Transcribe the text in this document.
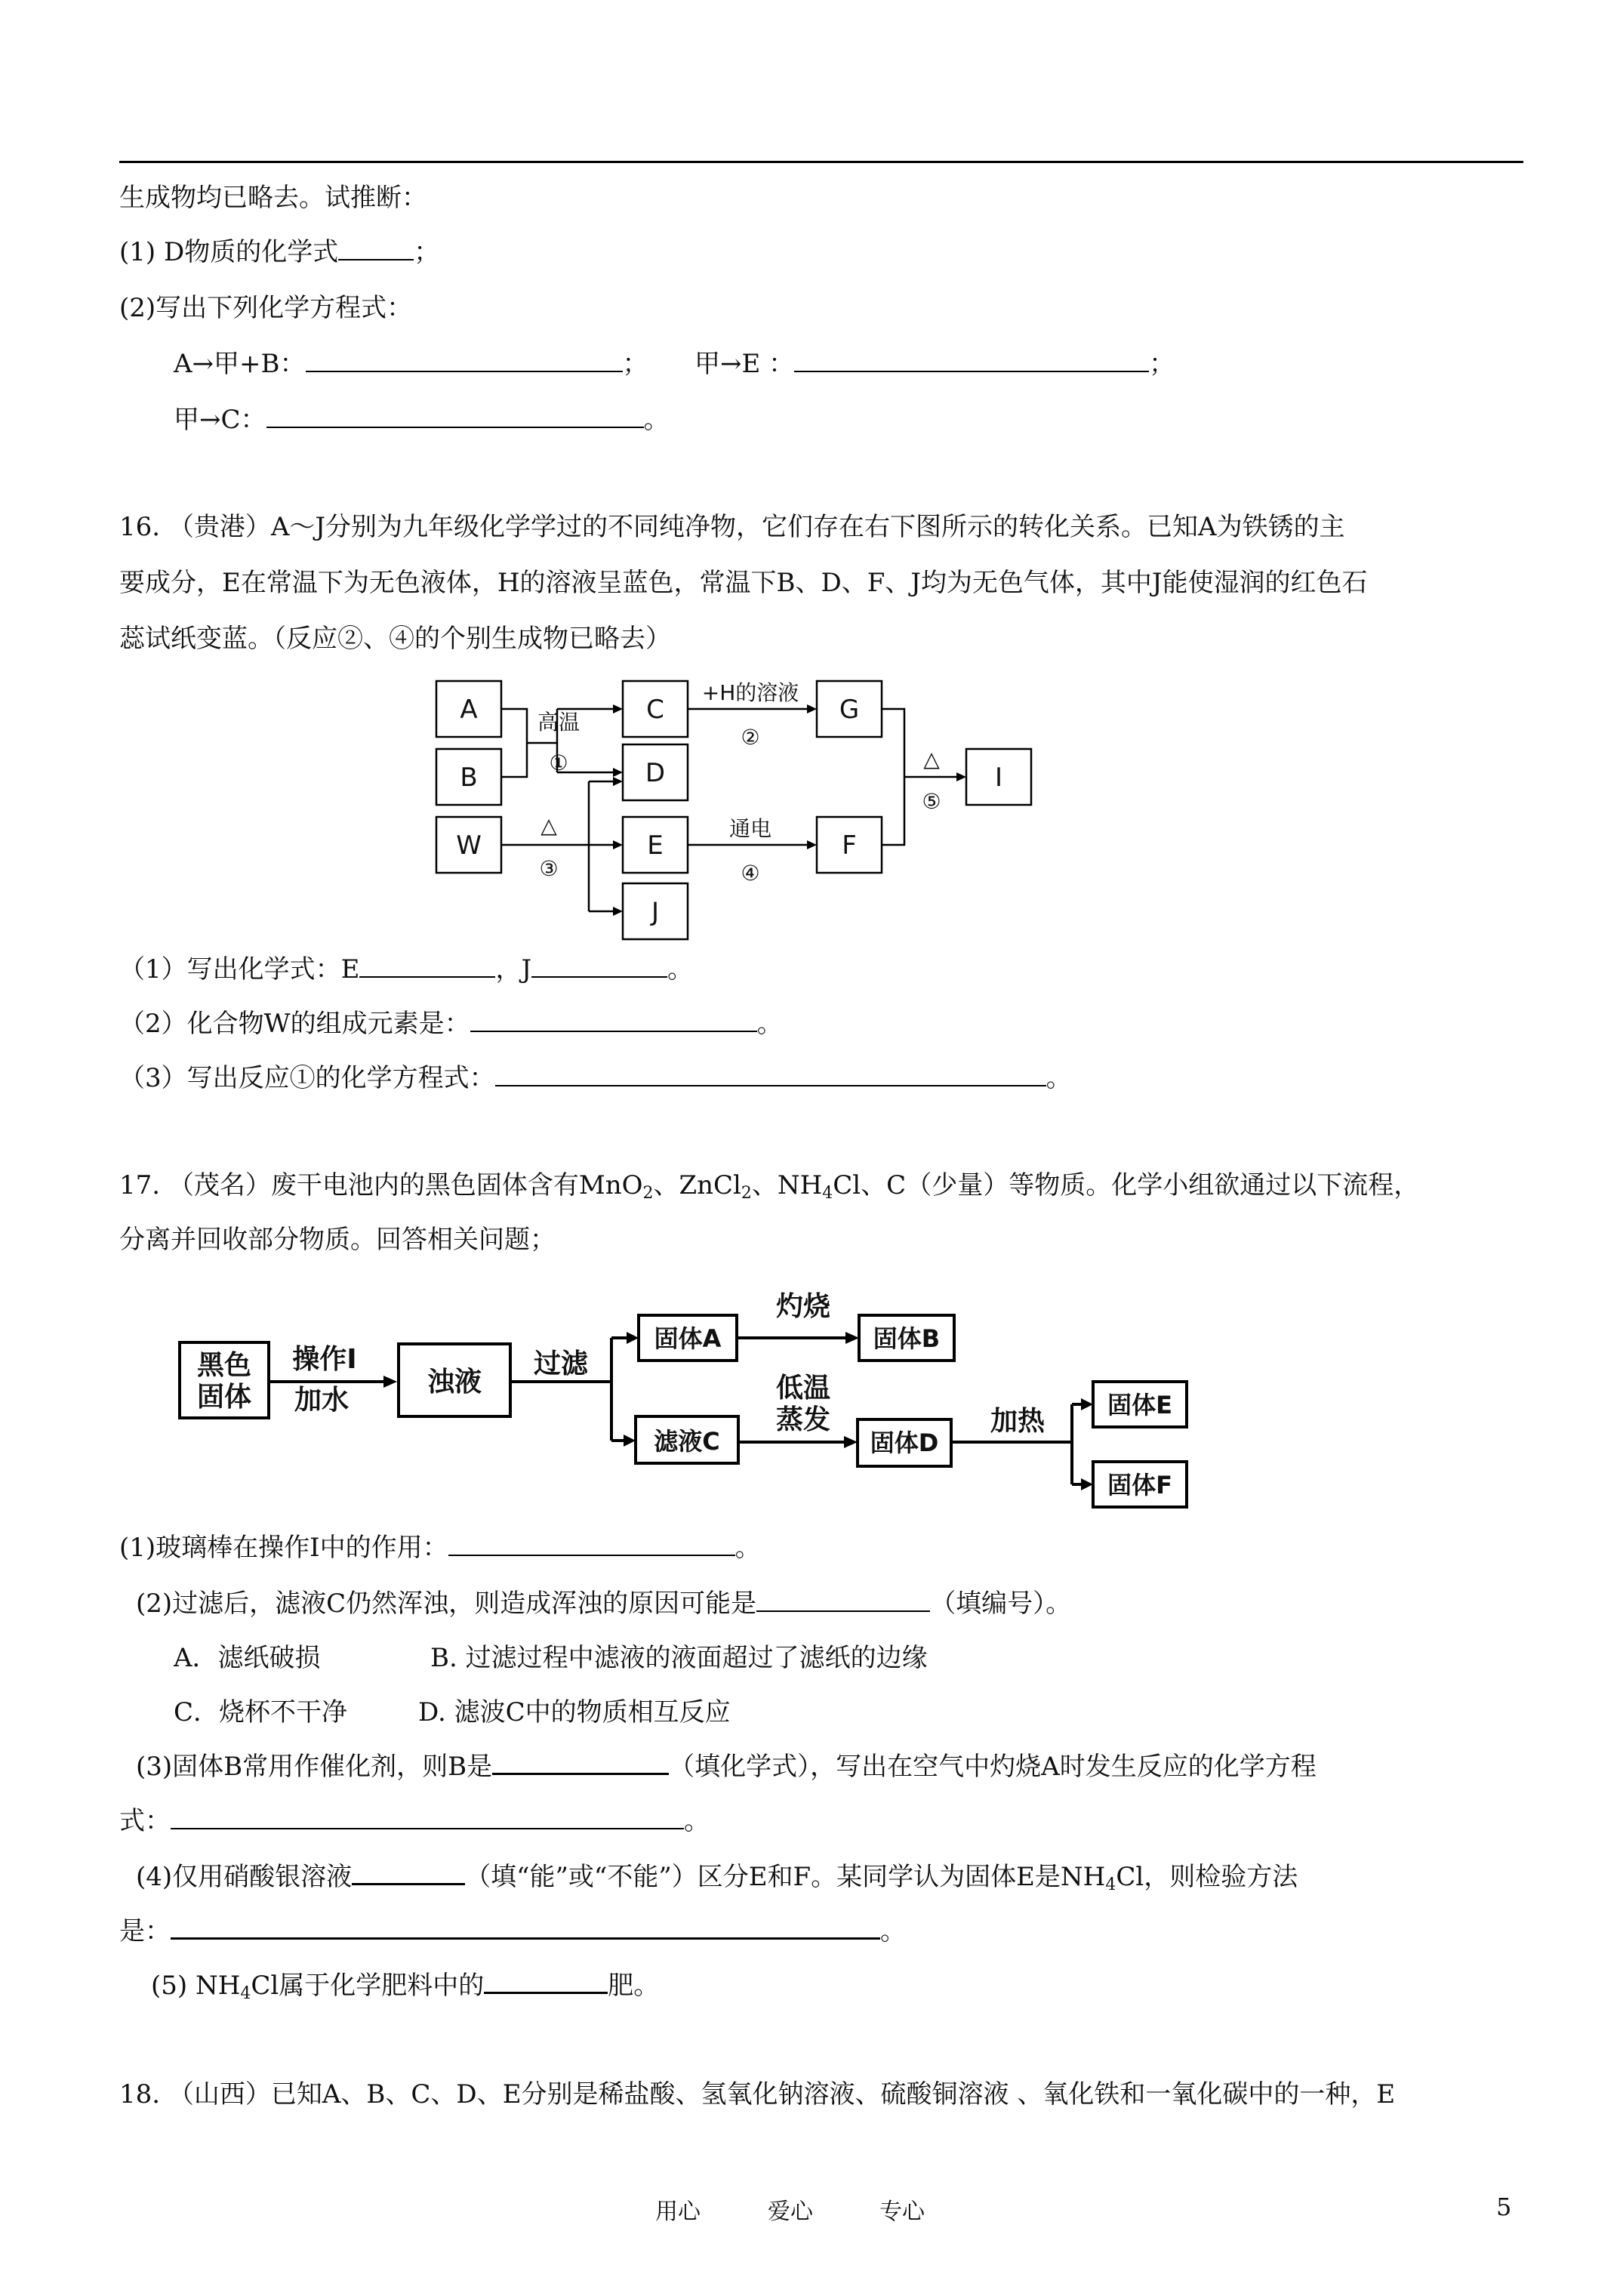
生成物均已略去。试推断：
(1) D物质的化学式	；
(2)写出下列化学方程式：
A→甲+B：	； 甲→E ：	；
甲→C：	。
16. （贵港）A～J分别为九年级化学学过的不同纯净物，它们存在右下图所示的转化关系。已知A为铁锈的主
要成分，E在常温下为无色液体，H的溶液呈蓝色，常温下B、D、F、J均为无色气体，其中J能使湿润的红色石
蕊试纸变蓝。（反应②、④的个别生成物已略去）
A
B
W
C
D
E
J
G
F
I
高温
①
+H的溶液
②
△
③
通电
④
△
⑤
（1）写出化学式：E	，J	。
（2）化合物W的组成元素是：	。
（3）写出反应①的化学方程式：	。
17. （茂名）废干电池内的黑色固体含有MnO$_2$、ZnCl$_2$、$NH_4Cl$、C（少量）等物质。化学小组欲通过以下流程，
分离并回收部分物质。回答相关问题；
黑色
固体
操作Ⅰ
加水
浊液
过滤
灼烧
低温
蒸发	加热
固体A	固体B
滤液C	固体D
固体E
固体F
(1)玻璃棒在操作Ⅰ中的作用：	。
(2)过滤后，滤液C仍然浑浊，则造成浑浊的原因可能是	（填编号）。
A．滤纸破损	B. 过滤过程中滤液的液面超过了滤纸的边缘
C．烧杯不干净	D. 滤波C中的物质相互反应
(3)固体B常用作催化剂，则B是	（填化学式），写出在空气中灼烧A时发生反应的化学方程
式：	。
(4)仅用硝酸银溶液	（填“能”或“不能”）区分E和F。某同学认为固体E是$NH_4Cl$，则检验方法
是：	。
(5) $NH_4Cl$属于化学肥料中的	肥。
18. （山西）已知A、B、C、D、E分别是稀盐酸、氢氧化钠溶液、硫酸铜溶液 、氧化铁和一氧化碳中的一种，E
用心	爱心	专心	5
